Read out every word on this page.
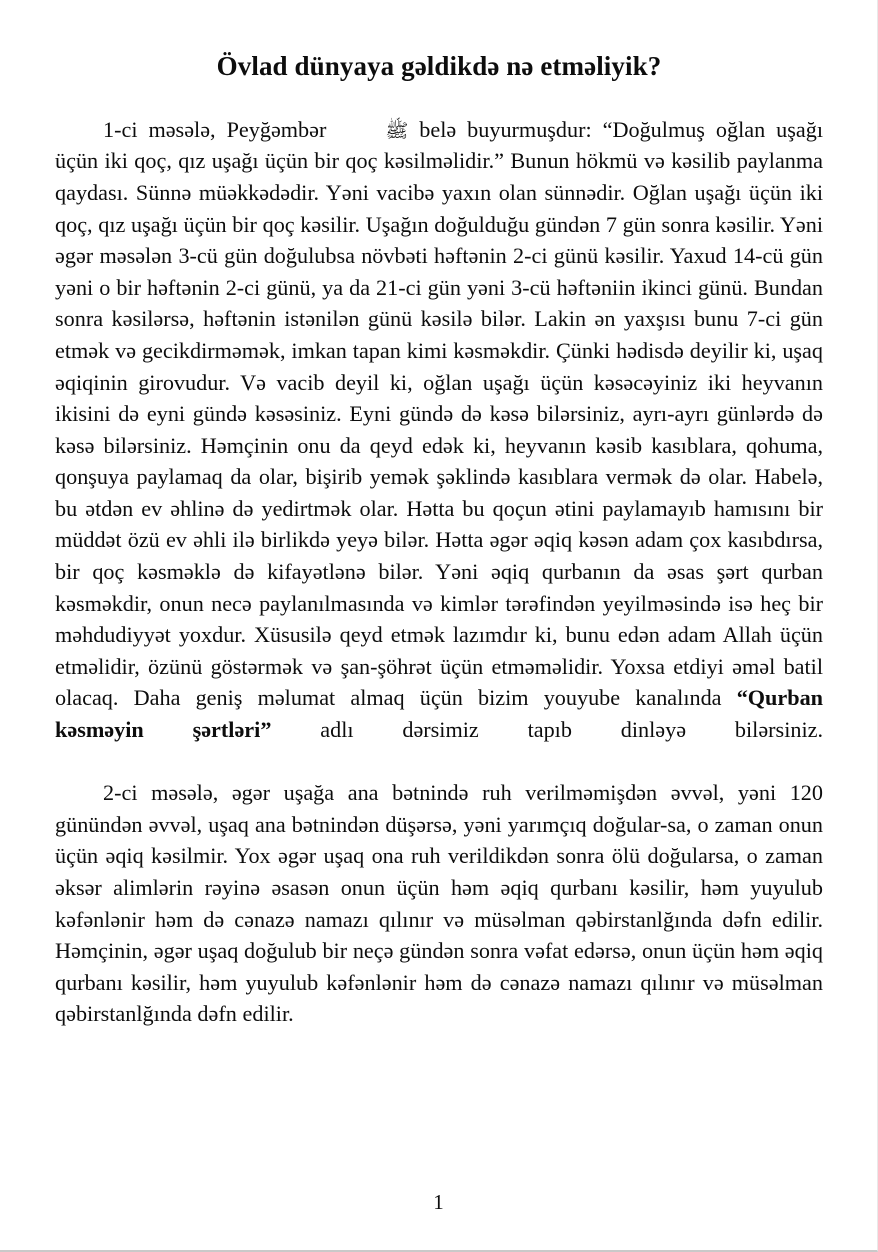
Övlad dünyaya gəldikdə nə etməliyik?

1-ci məsələ, Peyğəmbər	ﷺ belə buyurmuşdur: “Doğulmuş oğlan uşağı üçün iki qoç, qız uşağı üçün bir qoç kəsilməlidir.” Bunun hökmü və kəsilib paylanma qaydası. Sünnə müəkkədədir. Yəni vacibə yaxın olan sünnədir. Oğlan uşağı üçün iki qoç, qız uşağı üçün bir qoç kəsilir. Uşağın doğulduğu gündən 7 gün sonra kəsilir. Yəni əgər məsələn 3-cü gün doğulubsa növbəti həftənin 2-ci günü kəsilir. Yaxud 14-cü gün yəni o bir həftənin 2-ci günü, ya da 21-ci gün yəni 3-cü həftəniin ikinci günü. Bundan sonra kəsilərsə, həftənin istənilən günü kəsilə bilər. Lakin ən yaxşısı bunu 7-ci gün etmək və gecikdirməmək, imkan tapan kimi kəsməkdir. Çünki hədisdə deyilir ki, uşaq əqiqinin girovudur. Və vacib deyil ki, oğlan uşağı üçün kəsəcəyiniz iki heyvanın ikisini də eyni gündə kəsəsiniz. Eyni gündə də kəsə bilərsiniz, ayrı-ayrı günlərdə də kəsə bilərsiniz. Həmçinin onu da qeyd edək ki, heyvanın kəsib kasıblara, qohuma, qonşuya paylamaq da olar, bişirib yemək şəklində kasıblara vermək də olar. Habelə, bu ətdən ev əhlinə də yedirtmək olar. Hətta bu qoçun ətini paylamayıb hamısını bir müddət özü ev əhli ilə birlikdə yeyə bilər. Hətta əgər əqiq kəsən adam çox kasıbdırsa, bir qoç kəsməklə də kifayətlənə bilər. Yəni əqiq qurbanın da əsas şərt qurban kəsməkdir, onun necə paylanılmasında və kimlər tərəfindən yeyilməsində isə heç bir məhdudiyyət yoxdur. Xüsusilə qeyd etmək lazımdır ki, bunu edən adam Allah üçün etməlidir, özünü göstərmək və şan-şöhrət üçün etməməlidir. Yoxsa etdiyi əməl batil olacaq. Daha geniş məlumat almaq üçün bizim youyube kanalında “Qurban kəsməyin şərtləri” adlı dərsimiz tapıb dinləyə bilərsiniz.

2-ci məsələ, əgər uşağa ana bətnində ruh verilməmişdən əvvəl, yəni 120 günündən əvvəl, uşaq ana bətnindən düşərsə, yəni yarımçıq doğular-sa, o zaman onun üçün əqiq kəsilmir. Yox əgər uşaq ona ruh verildikdən sonra ölü doğularsa, o zaman əksər alimlərin rəyinə əsasən onun üçün həm əqiq qurbanı kəsilir, həm yuyulub kəfənlənir həm də cənazə namazı qılınır və müsəlman qəbirstanlğında dəfn edilir. Həmçinin, əgər uşaq doğulub bir neçə gündən sonra vəfat edərsə, onun üçün həm əqiq qurbanı kəsilir, həm yuyulub kəfənlənir həm də cənazə namazı qılınır və müsəlman qəbirstanlğında dəfn edilir.

1
